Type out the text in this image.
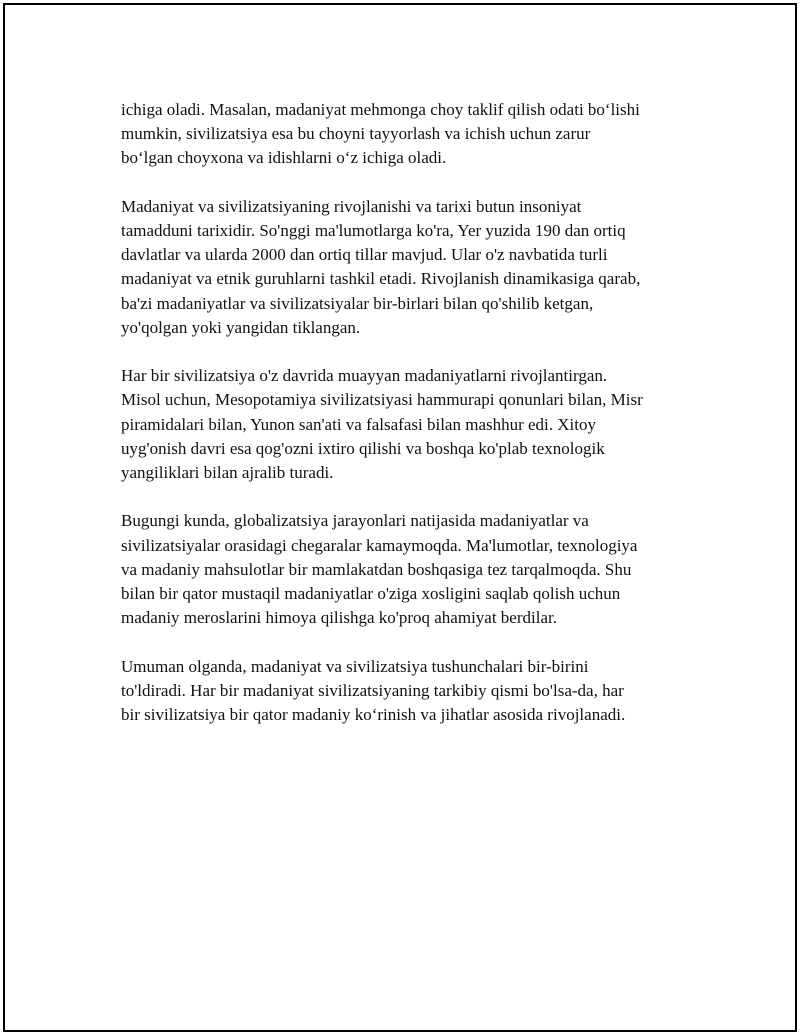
ichiga oladi. Masalan, madaniyat mehmonga choy taklif qilish odati boʻlishi
mumkin, sivilizatsiya esa bu choyni tayyorlash va ichish uchun zarur
boʻlgan choyxona va idishlarni oʻz ichiga oladi.

Madaniyat va sivilizatsiyaning rivojlanishi va tarixi butun insoniyat
tamadduni tarixidir. So'nggi ma'lumotlarga ko'ra, Yer yuzida 190 dan ortiq
davlatlar va ularda 2000 dan ortiq tillar mavjud. Ular o'z navbatida turli
madaniyat va etnik guruhlarni tashkil etadi. Rivojlanish dinamikasiga qarab,
ba'zi madaniyatlar va sivilizatsiyalar bir-birlari bilan qo'shilib ketgan,
yo'qolgan yoki yangidan tiklangan.

Har bir sivilizatsiya o'z davrida muayyan madaniyatlarni rivojlantirgan.
Misol uchun, Mesopotamiya sivilizatsiyasi hammurapi qonunlari bilan, Misr
piramidalari bilan, Yunon san'ati va falsafasi bilan mashhur edi. Xitoy
uyg'onish davri esa qog'ozni ixtiro qilishi va boshqa ko'plab texnologik
yangiliklari bilan ajralib turadi.

Bugungi kunda, globalizatsiya jarayonlari natijasida madaniyatlar va
sivilizatsiyalar orasidagi chegaralar kamaymoqda. Ma'lumotlar, texnologiya
va madaniy mahsulotlar bir mamlakatdan boshqasiga tez tarqalmoqda. Shu
bilan bir qator mustaqil madaniyatlar o'ziga xosligini saqlab qolish uchun
madaniy meroslarini himoya qilishga ko'proq ahamiyat berdilar.

Umuman olganda, madaniyat va sivilizatsiya tushunchalari bir-birini
to'ldiradi. Har bir madaniyat sivilizatsiyaning tarkibiy qismi bo'lsa-da, har
bir sivilizatsiya bir qator madaniy koʻrinish va jihatlar asosida rivojlanadi.
